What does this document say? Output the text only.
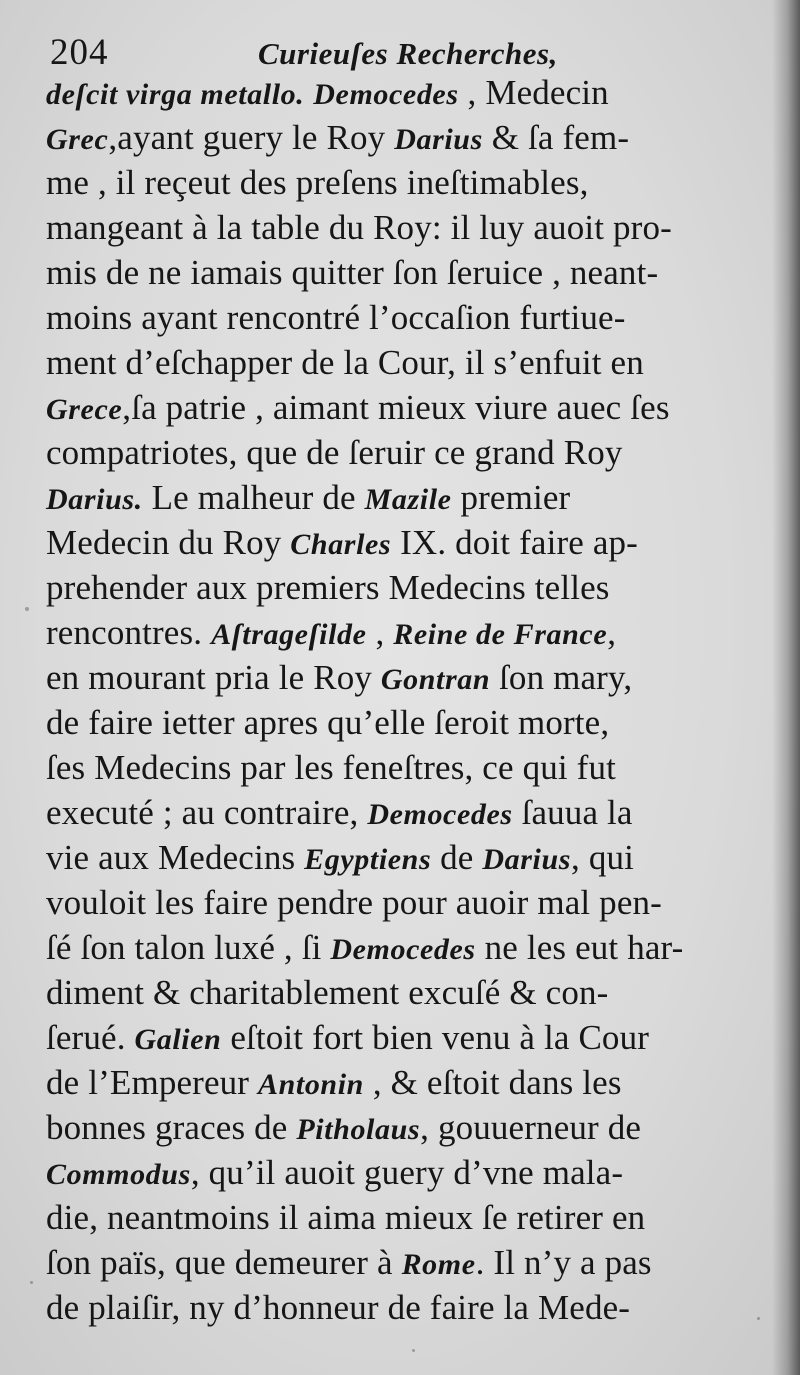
204	Curieuſes Recherches,
deſcit virga metallo. Democedes , Medecin
Grec,ayant guery le Roy Darius & ſa fem-
me , il reçeut des preſens ineſtimables,
mangeant à la table du Roy: il luy auoit pro-
mis de ne iamais quitter ſon ſeruice , neant-
moins ayant rencontré l’occaſion furtiue-
ment d’eſchapper de la Cour, il s’enfuit en
Grece,ſa patrie , aimant mieux viure auec ſes
compatriotes, que de ſeruir ce grand Roy
Darius. Le malheur de Mazile premier
Medecin du Roy Charles IX. doit faire ap-
prehender aux premiers Medecins telles
rencontres. Aſtrageſilde , Reine de France,
en mourant pria le Roy Gontran ſon mary,
de faire ietter apres qu’elle ſeroit morte,
ſes Medecins par les feneſtres, ce qui fut
executé ; au contraire, Democedes ſauua la
vie aux Medecins Egyptiens de Darius, qui
vouloit les faire pendre pour auoir mal pen-
ſé ſon talon luxé , ſi Democedes ne les eut har-
diment & charitablement excuſé & con-
ſerué. Galien eſtoit fort bien venu à la Cour
de l’Empereur Antonin , & eſtoit dans les
bonnes graces de Pitholaus, gouuerneur de
Commodus, qu’il auoit guery d’vne mala-
die, neantmoins il aima mieux ſe retirer en
ſon païs, que demeurer à Rome. Il n’y a pas
de plaiſir, ny d’honneur de faire la Mede-
